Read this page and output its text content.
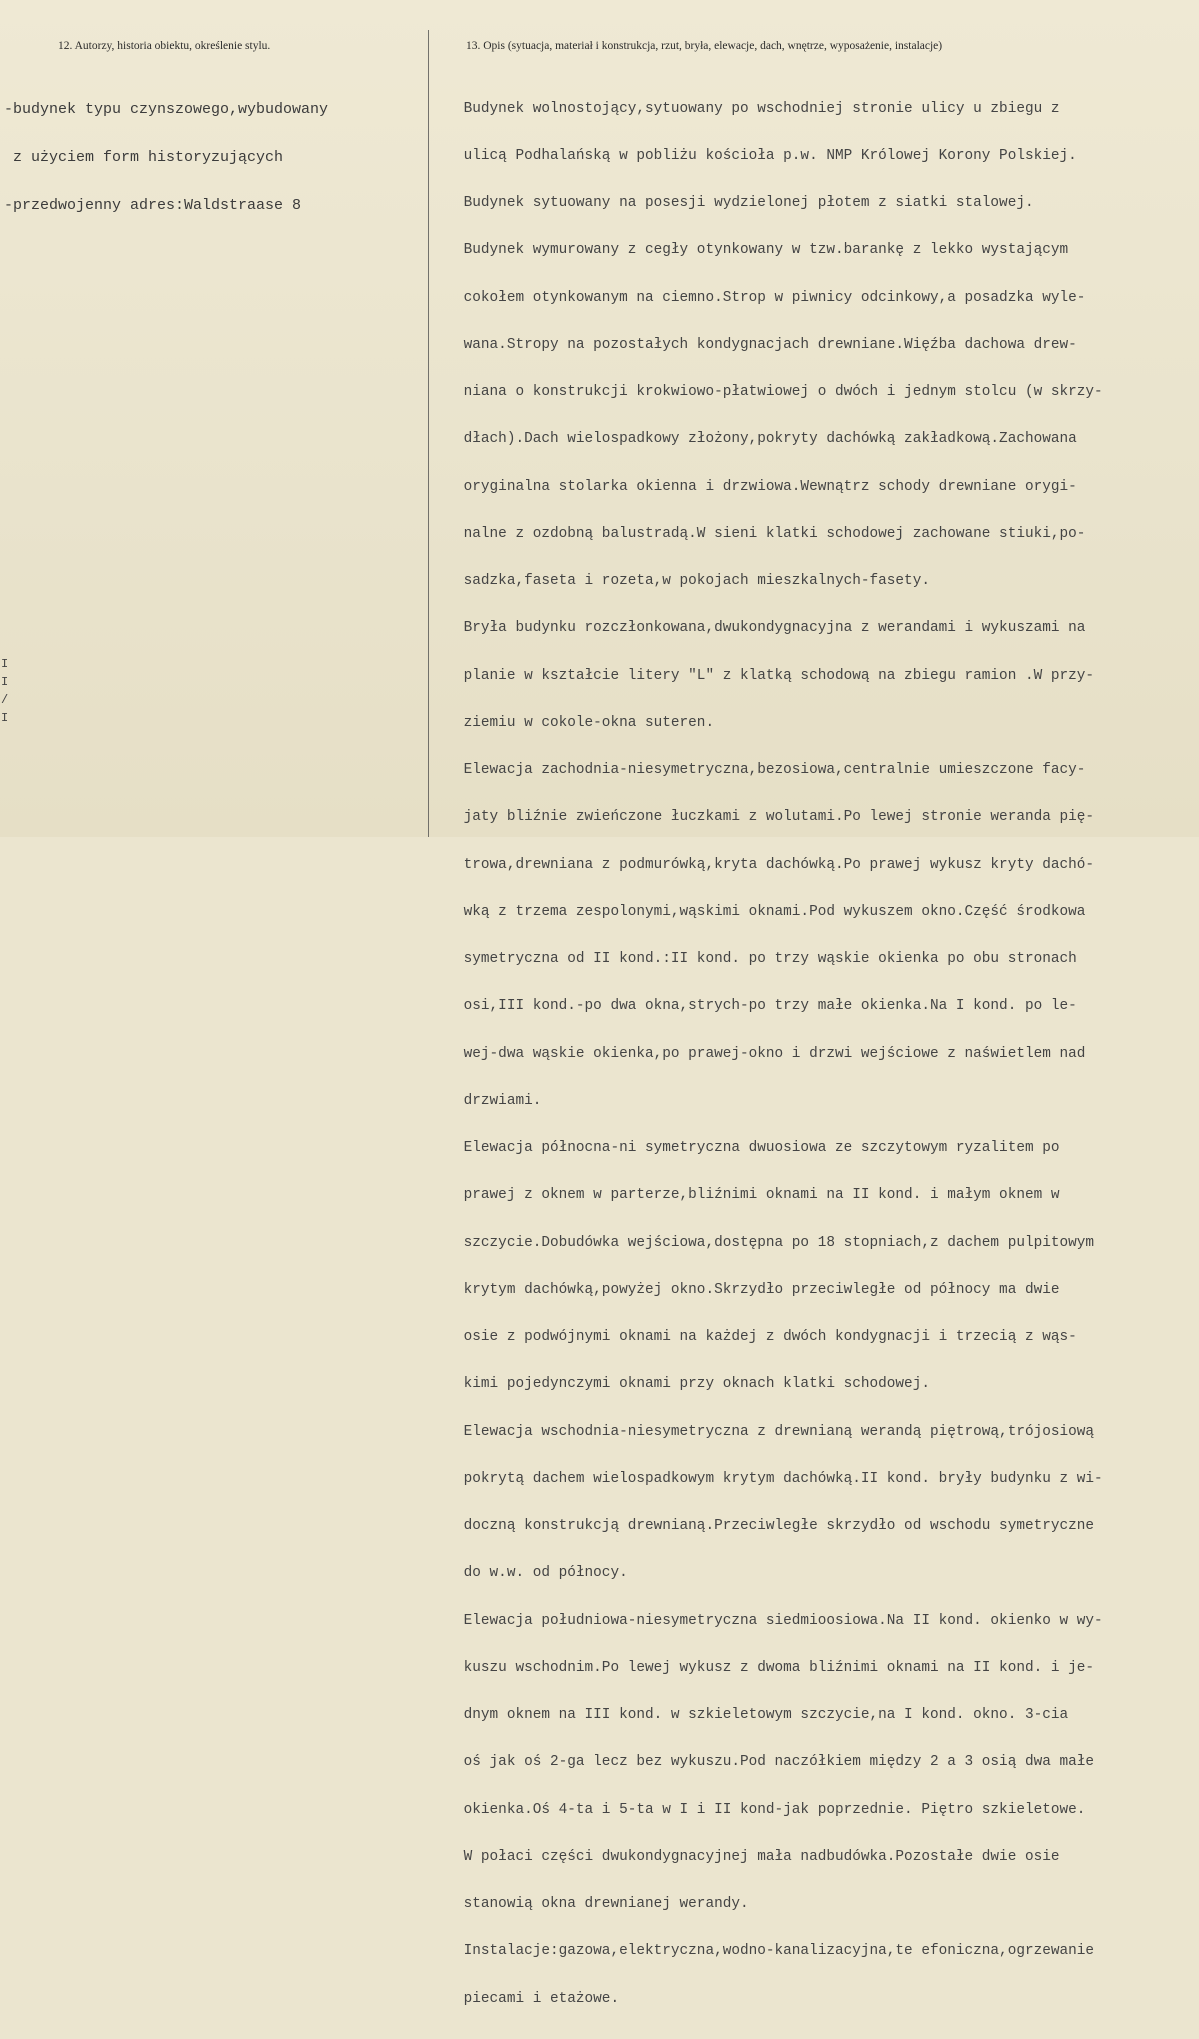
12. Autorzy, historia obiektu, określenie stylu.	13. Opis (sytuacja, materiał i konstrukcja, rzut, bryła, elewacje, dach, wnętrze, wyposażenie, instalacje)

-budynek typu czynszowego,wybudowany

z użyciem form historyzujących

-przedwojenny adres:Waldstraase 8

Budynek wolnostojący,sytuowany po wschodniej stronie ulicy u zbiegu z

ulicą Podhalańską w pobliżu kościoła p.w. NMP Królowej Korony Polskiej.

Budynek sytuowany na posesji wydzielonej płotem z siatki stalowej.

Budynek wymurowany z cegły otynkowany w tzw.barankę z lekko wystającym

cokołem otynkowanym na ciemno.Strop w piwnicy odcinkowy,a posadzka wyle-

wana.Stropy na pozostałych kondygnacjach drewniane.Więźba dachowa drew-

niana o konstrukcji krokwiowo-płatwiowej o dwóch i jednym stolcu (w skrzy-

dłach).Dach wielospadkowy złożony,pokryty dachówką zakładkową.Zachowana

oryginalna stolarka okienna i drzwiowa.Wewnątrz schody drewniane orygi-

nalne z ozdobną balustradą.W sieni klatki schodowej zachowane stiuki,po-

sadzka,faseta i rozeta,w pokojach mieszkalnych-fasety.

Bryła budynku rozczłonkowana,dwukondygnacyjna z werandami i wykuszami na

planie w kształcie litery "L" z klatką schodową na zbiegu ramion .W przy-

ziemiu w cokole-okna suteren.

Elewacja zachodnia-niesymetryczna,bezosiowa,centralnie umieszczone facy-

jaty bliźnie zwieńczone łuczkami z wolutami.Po lewej stronie weranda pię-

trowa,drewniana z podmurówką,kryta dachówką.Po prawej wykusz kryty dachó-

wką z trzema zespolonymi,wąskimi oknami.Pod wykuszem okno.Część środkowa

symetryczna od II kond.:II kond. po trzy wąskie okienka po obu stronach

osi,III kond.-po dwa okna,strych-po trzy małe okienka.Na I kond. po le-

wej-dwa wąskie okienka,po prawej-okno i drzwi wejściowe z naświetlem nad

drzwiami.

Elewacja północna-ni symetryczna dwuosiowa ze szczytowym ryzalitem po

prawej z oknem w parterze,bliźnimi oknami na II kond. i małym oknem w

szczycie.Dobudówka wejściowa,dostępna po 18 stopniach,z dachem pulpitowym

krytym dachówką,powyżej okno.Skrzydło przeciwległe od północy ma dwie

osie z podwójnymi oknami na każdej z dwóch kondygnacji i trzecią z wąs-

kimi pojedynczymi oknami przy oknach klatki schodowej.

Elewacja wschodnia-niesymetryczna z drewnianą werandą piętrową,trójosiową

pokrytą dachem wielospadkowym krytym dachówką.II kond. bryły budynku z wi-

doczną konstrukcją drewnianą.Przeciwległe skrzydło od wschodu symetryczne

do w.w. od północy.

Elewacja południowa-niesymetryczna siedmioosiowa.Na II kond. okienko w wy-

kuszu wschodnim.Po lewej wykusz z dwoma bliźnimi oknami na II kond. i je-

dnym oknem na III kond. w szkieletowym szczycie,na I kond. okno. 3-cia

oś jak oś 2-ga lecz bez wykuszu.Pod naczółkiem między 2 a 3 osią dwa małe

okienka.Oś 4-ta i 5-ta w I i II kond-jak poprzednie. Piętro szkieletowe.

W połaci części dwukondygnacyjnej mała nadbudówka.Pozostałe dwie osie

stanowią okna drewnianej werandy.

Instalacje:gazowa,elektryczna,wodno-kanalizacyjna,te efoniczna,ogrzewanie

piecami i etażowe.

I
I
/
I
